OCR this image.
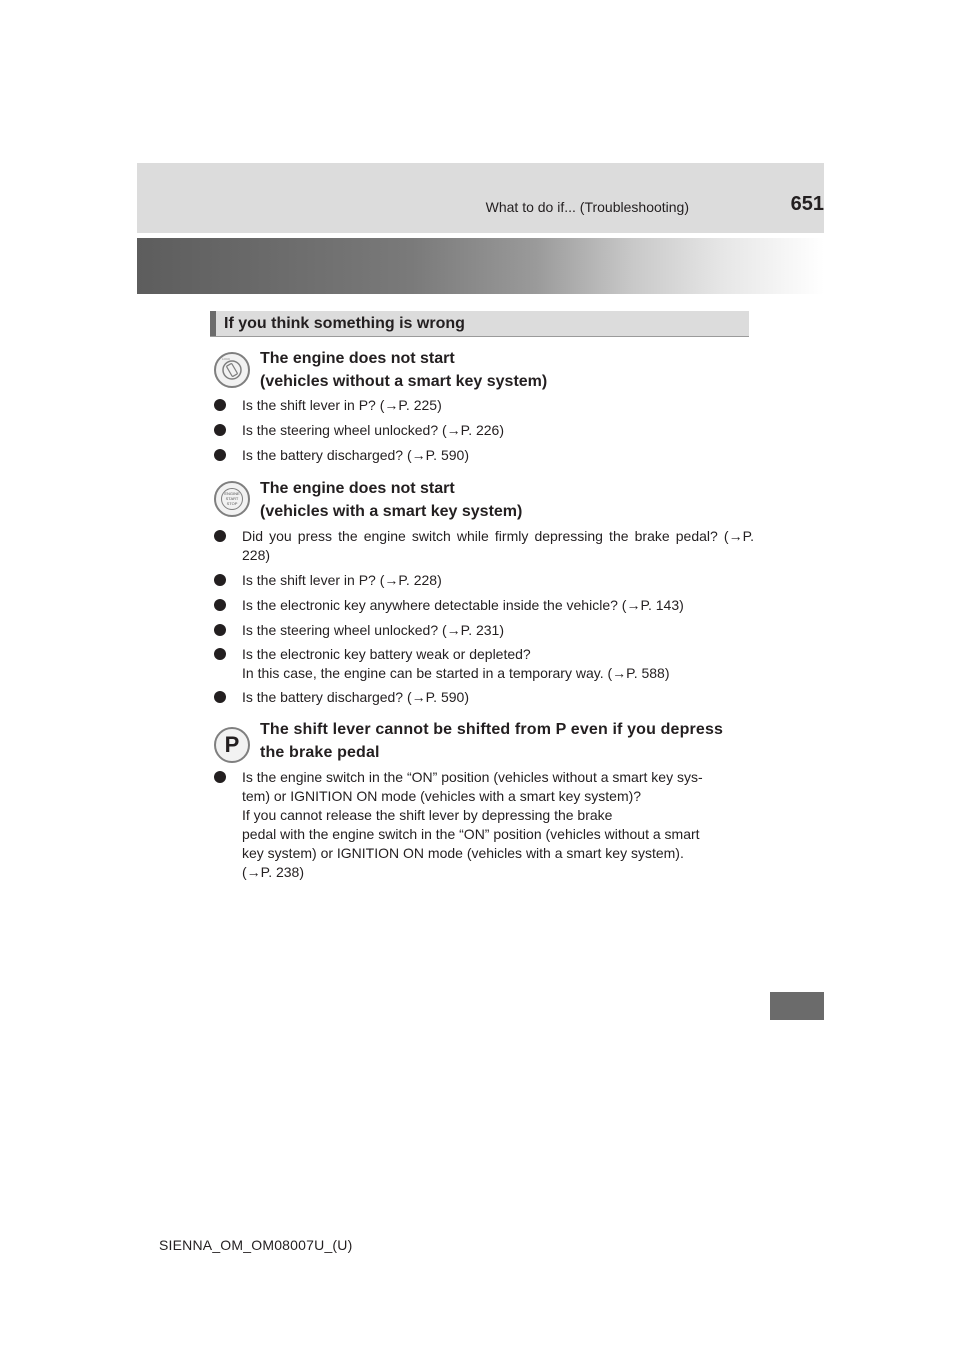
What to do if... (Troubleshooting)	651
If you think something is wrong
LOCK The engine does not start
(vehicles without a smart key system)
Is the shift lever in P? (→P. 225)
Is the steering wheel unlocked? (→P. 226)
Is the battery discharged? (→P. 590)
ENGINE
START
STOP
The engine does not start
(vehicles with a smart key system)
Did you press the engine switch while firmly depressing the brake pedal? (→P. 228)
Is the shift lever in P? (→P. 228)
Is the electronic key anywhere detectable inside the vehicle? (→P. 143)
Is the steering wheel unlocked? (→P. 231)
Is the electronic key battery weak or depleted?
In this case, the engine can be started in a temporary way. (→P. 588)
Is the battery discharged? (→P. 590)
P
The shift lever cannot be shifted from P even if you depress
the brake pedal
Is the engine switch in the “ON” position (vehicles without a smart key sys-
tem) or IGNITION ON mode (vehicles with a smart key system)?
If you cannot release the shift lever by depressing the brake
pedal with the engine switch in the “ON” position (vehicles without a smart
key system) or IGNITION ON mode (vehicles with a smart key system).
(→P. 238)
SIENNA_OM_OM08007U_(U)
